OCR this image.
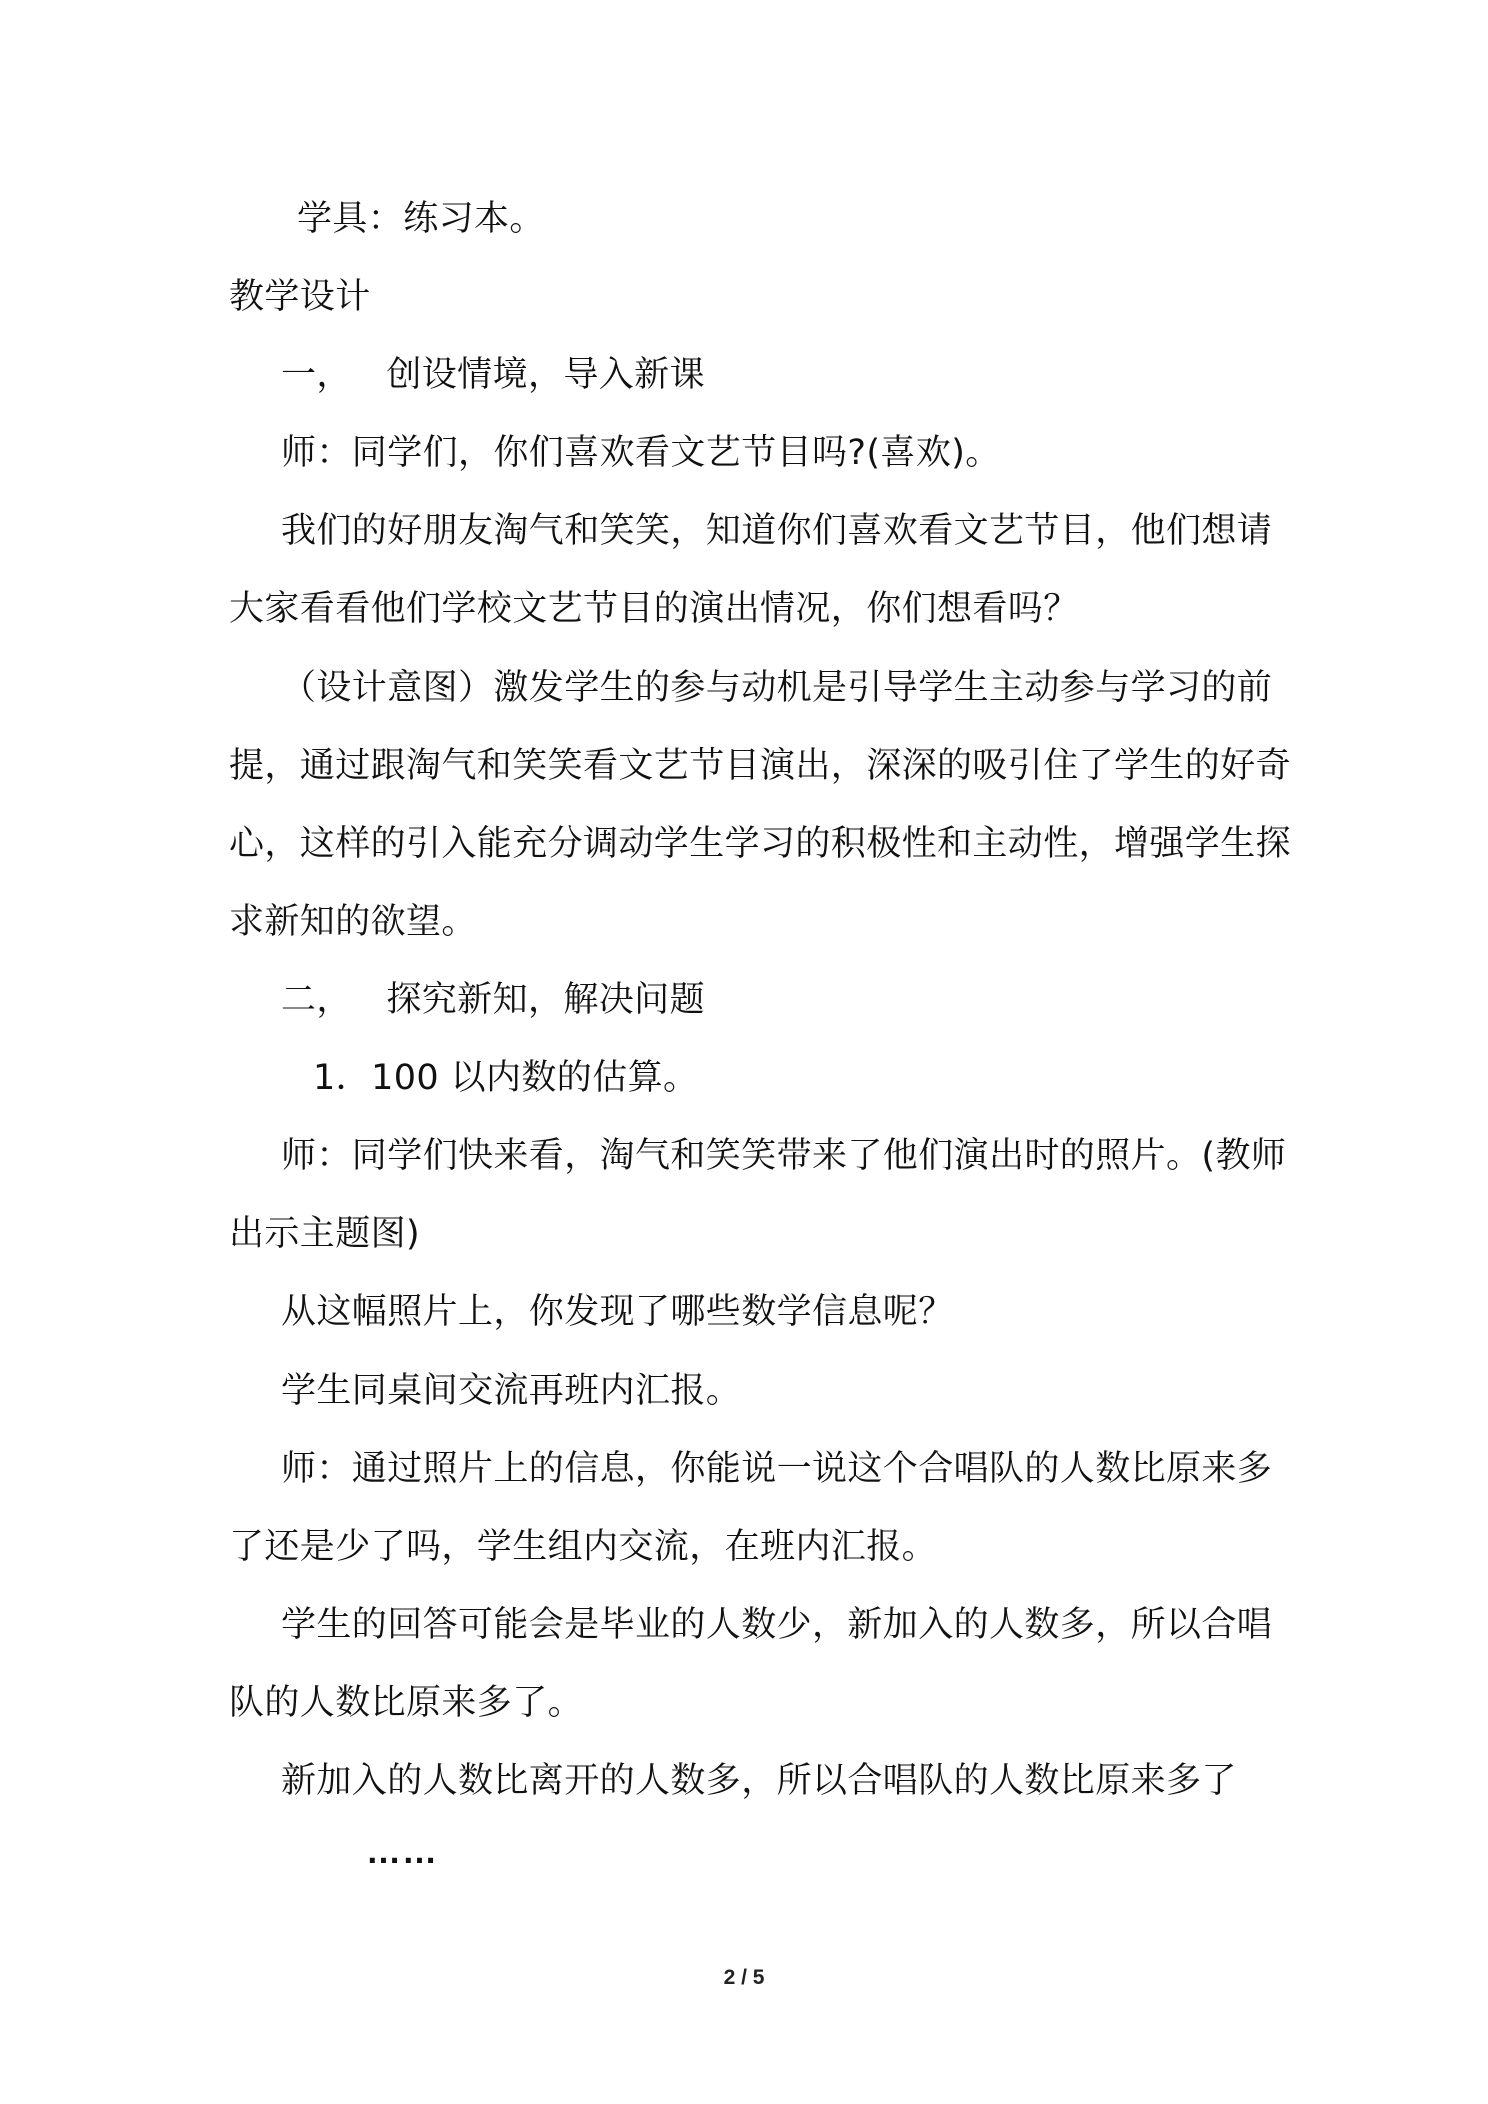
学具：练习本。
教学设计
一，   创设情境，导入新课
师：同学们，你们喜欢看文艺节目吗?(喜欢)。
我们的好朋友淘气和笑笑，知道你们喜欢看文艺节目，他们想请
大家看看他们学校文艺节目的演出情况，你们想看吗？
（设计意图）激发学生的参与动机是引导学生主动参与学习的前
提，通过跟淘气和笑笑看文艺节目演出，深深的吸引住了学生的好奇
心，这样的引入能充分调动学生学习的积极性和主动性，增强学生探
求新知的欲望。
二，   探究新知，解决问题
1．100 以内数的估算。
师：同学们快来看，淘气和笑笑带来了他们演出时的照片。(教师
出示主题图)
从这幅照片上，你发现了哪些数学信息呢？
学生同桌间交流再班内汇报。
师：通过照片上的信息，你能说一说这个合唱队的人数比原来多
了还是少了吗，学生组内交流，在班内汇报。
学生的回答可能会是毕业的人数少，新加入的人数多，所以合唱
队的人数比原来多了。
新加入的人数比离开的人数多，所以合唱队的人数比原来多了
……
2 / 5
